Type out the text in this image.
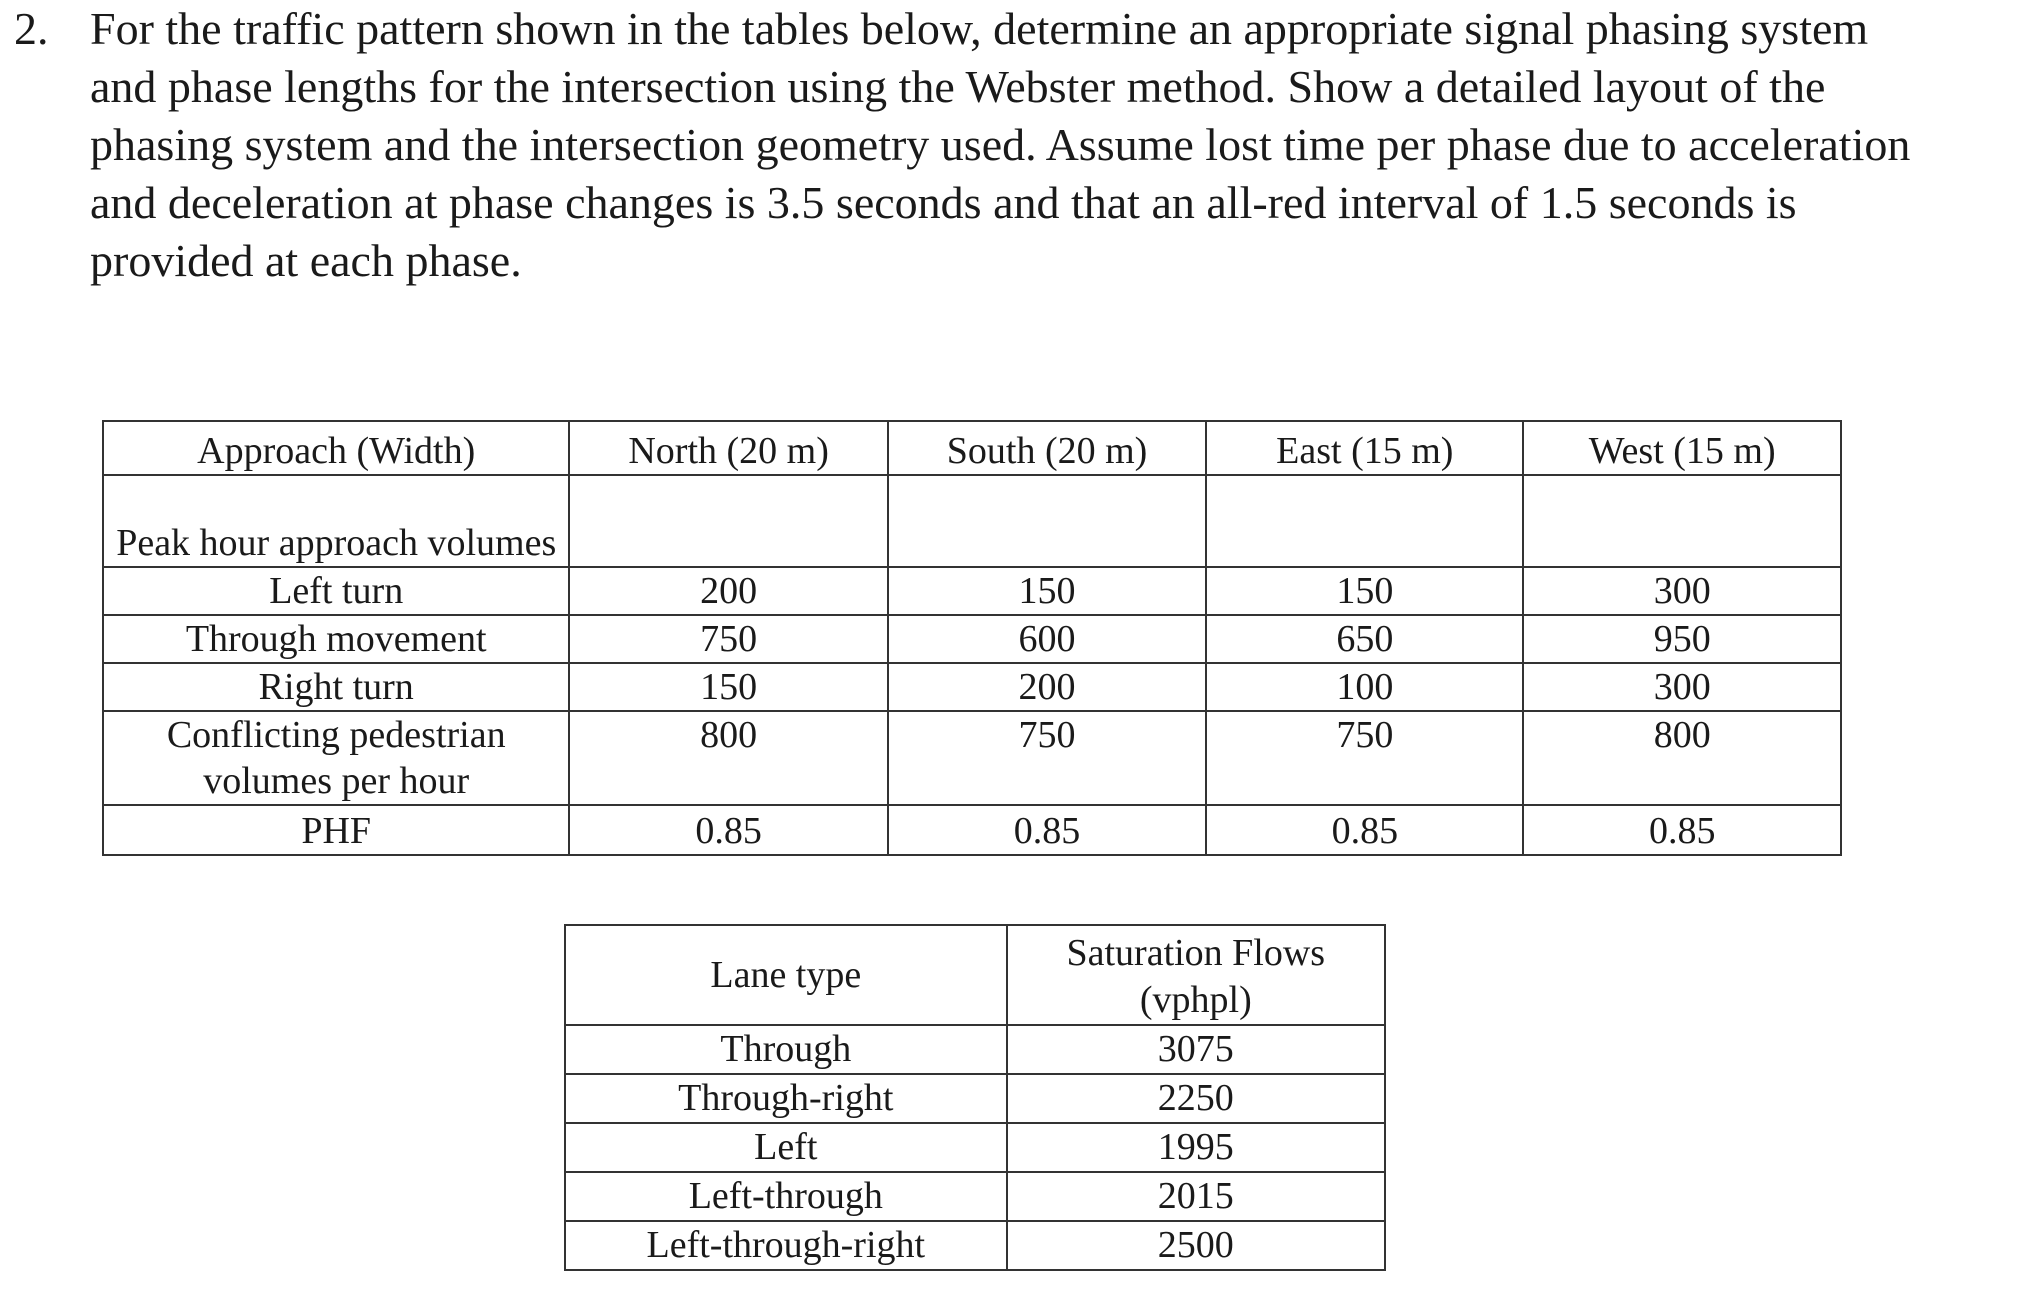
2. For the traffic pattern shown in the tables below, determine an appropriate signal phasing system and phase lengths for the intersection using the Webster method. Show a detailed layout of the phasing system and the intersection geometry used. Assume lost time per phase due to acceleration and deceleration at phase changes is 3.5 seconds and that an all-red interval of 1.5 seconds is provided at each phase.
Approach (Width)	North (20 m)	South (20 m)	East (15 m)	West (15 m)
Peak hour approach volumes				
Left turn	200	150	150	300
Through movement	750	600	650	950
Right turn	150	200	100	300
Conflicting pedestrian volumes per hour	800	750	750	800
PHF	0.85	0.85	0.85	0.85
Lane type	Saturation Flows (vphpl)
Through	3075
Through-right	2250
Left	1995
Left-through	2015
Left-through-right	2500
